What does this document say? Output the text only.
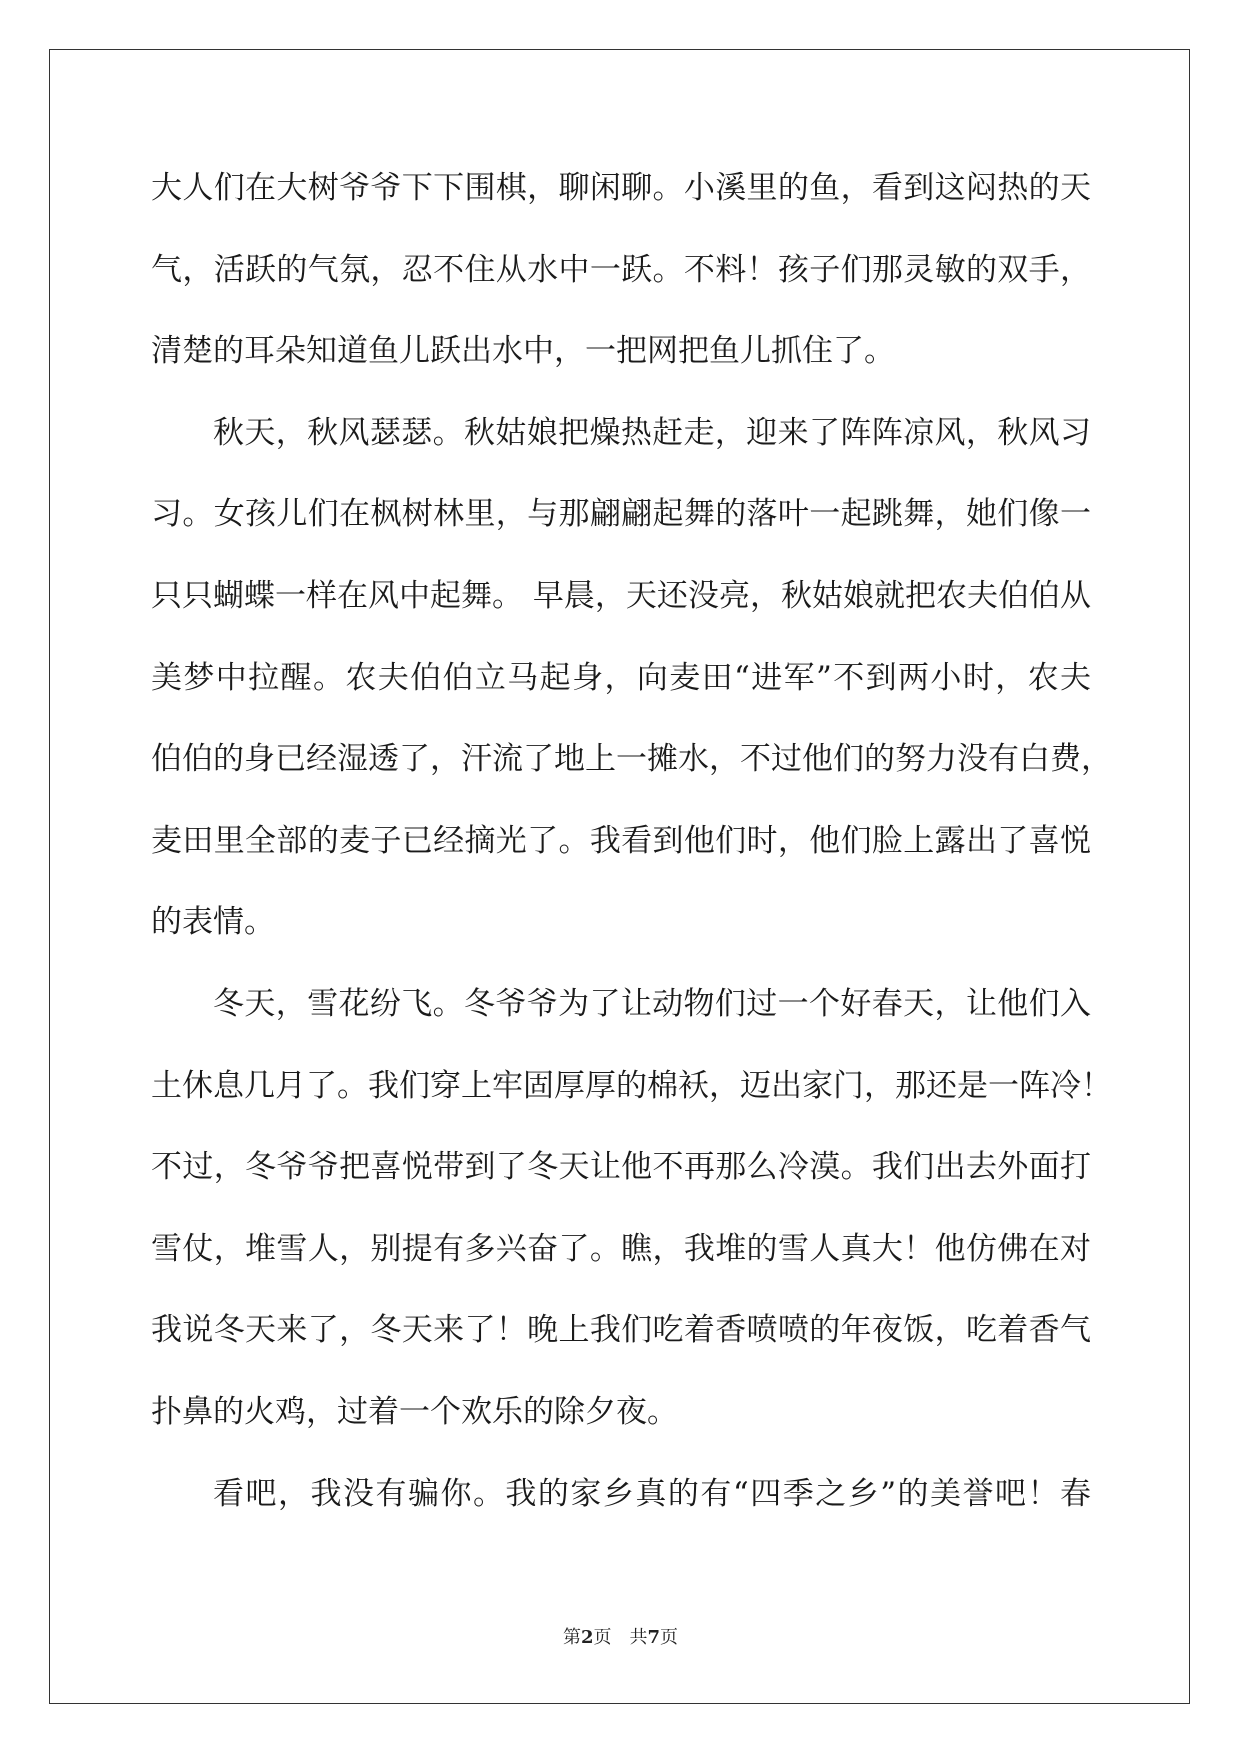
大人们在大树爷爷下下围棋，聊闲聊。小溪里的鱼，看到这闷热的天
气，活跃的气氛，忍不住从水中一跃。不料！孩子们那灵敏的双手，
清楚的耳朵知道鱼儿跃出水中，一把网把鱼儿抓住了。
秋天，秋风瑟瑟。秋姑娘把燥热赶走，迎来了阵阵凉风，秋风习
习。女孩儿们在枫树林里，与那翩翩起舞的落叶一起跳舞，她们像一
只只蝴蝶一样在风中起舞。 早晨，天还没亮，秋姑娘就把农夫伯伯从
美梦中拉醒。农夫伯伯立马起身，向麦田“进军”不到两小时，农夫
伯伯的身已经湿透了，汗流了地上一摊水，不过他们的努力没有白费，
麦田里全部的麦子已经摘光了。我看到他们时，他们脸上露出了喜悦
的表情。
冬天，雪花纷飞。冬爷爷为了让动物们过一个好春天，让他们入
土休息几月了。我们穿上牢固厚厚的棉袄，迈出家门，那还是一阵冷！
不过，冬爷爷把喜悦带到了冬天让他不再那么冷漠。我们出去外面打
雪仗，堆雪人，别提有多兴奋了。瞧，我堆的雪人真大！他仿佛在对
我说冬天来了，冬天来了！晚上我们吃着香喷喷的年夜饭，吃着香气
扑鼻的火鸡，过着一个欢乐的除夕夜。
看吧，我没有骗你。我的家乡真的有“四季之乡”的美誉吧！春
第2页　共7页
